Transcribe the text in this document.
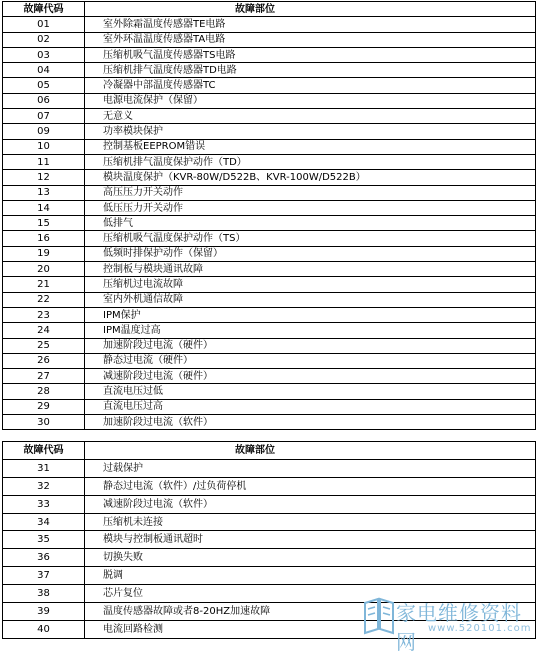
故障代码	故障部位
01	室外除霜温度传感器TE电路
02	室外环温温度传感器TA电路
03	压缩机吸气温度传感器TS电路
04	压缩机排气温度传感器TD电路
05	冷凝器中部温度传感器TC
06	电源电流保护（保留）
07	无意义
09	功率模块保护
10	控制基板EEPROM错误
11	压缩机排气温度保护动作（TD）
12	模块温度保护（KVR-80W/D522B、KVR-100W/D522B）
13	高压压力开关动作
14	低压压力开关动作
15	低排气
16	压缩机吸气温度保护动作（TS）
19	低频时排保护动作（保留）
20	控制板与模块通讯故障
21	压缩机过电流故障
22	室内外机通信故障
23	IPM保护
24	IPM温度过高
25	加速阶段过电流（硬件）
26	静态过电流（硬件）
27	减速阶段过电流（硬件）
28	直流电压过低
29	直流电压过高
30	加速阶段过电流（软件）
故障代码	故障部位
31	过载保护
32	静态过电流（软件）/过负荷停机
33	减速阶段过电流（软件）
34	压缩机未连接
35	模块与控制板通讯超时
36	切换失败
37	脱调
38	芯片复位
39	温度传感器故障或者8-20HZ加速故障
40	电流回路检测
家电维修资料网
www.520101.com
